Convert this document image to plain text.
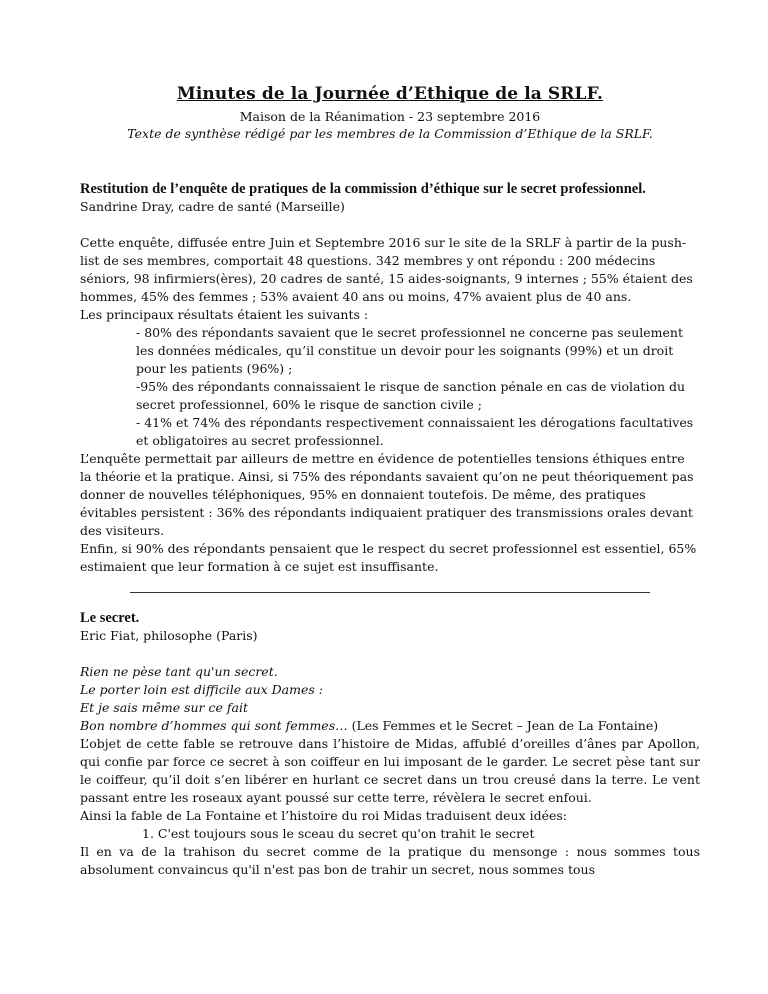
Minutes de la Journée d’Ethique de la SRLF.

Maison de la Réanimation - 23 septembre 2016

Texte de synthèse rédigé par les membres de la Commission d’Ethique de la SRLF.

Restitution de l’enquête de pratiques de la commission d’éthique sur le secret professionnel.

Sandrine Dray, cadre de santé (Marseille)

Cette enquête, diffusée entre Juin et Septembre 2016 sur le site de la SRLF à partir de la push-list de ses membres, comportait 48 questions. 342 membres y ont répondu : 200 médecins séniors, 98 infirmiers(ères), 20 cadres de santé, 15 aides-soignants, 9 internes ; 55% étaient des hommes, 45% des femmes ; 53% avaient 40 ans ou moins, 47% avaient plus de 40 ans.

Les principaux résultats étaient les suivants :

- 80% des répondants savaient que le secret professionnel ne concerne pas seulement les données médicales, qu’il constitue un devoir pour les soignants (99%) et un droit pour les patients (96%) ;

-95% des répondants connaissaient le risque de sanction pénale en cas de violation du secret professionnel, 60% le risque de sanction civile ;

- 41% et 74% des répondants respectivement connaissaient les dérogations facultatives et obligatoires au secret professionnel.

L’enquête permettait par ailleurs de mettre en évidence de potentielles tensions éthiques entre la théorie et la pratique. Ainsi, si 75% des répondants savaient qu’on ne peut théoriquement pas donner de nouvelles téléphoniques, 95% en donnaient toutefois. De même, des pratiques évitables persistent : 36% des répondants indiquaient pratiquer des transmissions orales devant des visiteurs.

Enfin, si 90% des répondants pensaient que le respect du secret professionnel est essentiel, 65% estimaient que leur formation à ce sujet est insuffisante.

Le secret.

Eric Fiat, philosophe (Paris)

Rien ne pèse tant qu'un secret.

Le porter loin est difficile aux Dames :

Et je sais même sur ce fait

Bon nombre d’hommes qui sont femmes… (Les Femmes et le Secret – Jean de La Fontaine)

L’objet de cette fable se retrouve dans l’histoire de Midas, affublé d’oreilles d’ânes par Apollon, qui confie par force ce secret à son coiffeur en lui imposant de le garder. Le secret pèse tant sur le coiffeur, qu’il doit s’en libérer en hurlant ce secret dans un trou creusé dans la terre. Le vent passant entre les roseaux ayant poussé sur cette terre, révèlera le secret enfoui.

Ainsi la fable de La Fontaine et l’histoire du roi Midas traduisent deux idées:

1. C'est toujours sous le sceau du secret qu'on trahit le secret

Il en va de la trahison du secret comme de la pratique du mensonge : nous sommes tous absolument convaincus qu'il n'est pas bon de trahir un secret, nous sommes tous
